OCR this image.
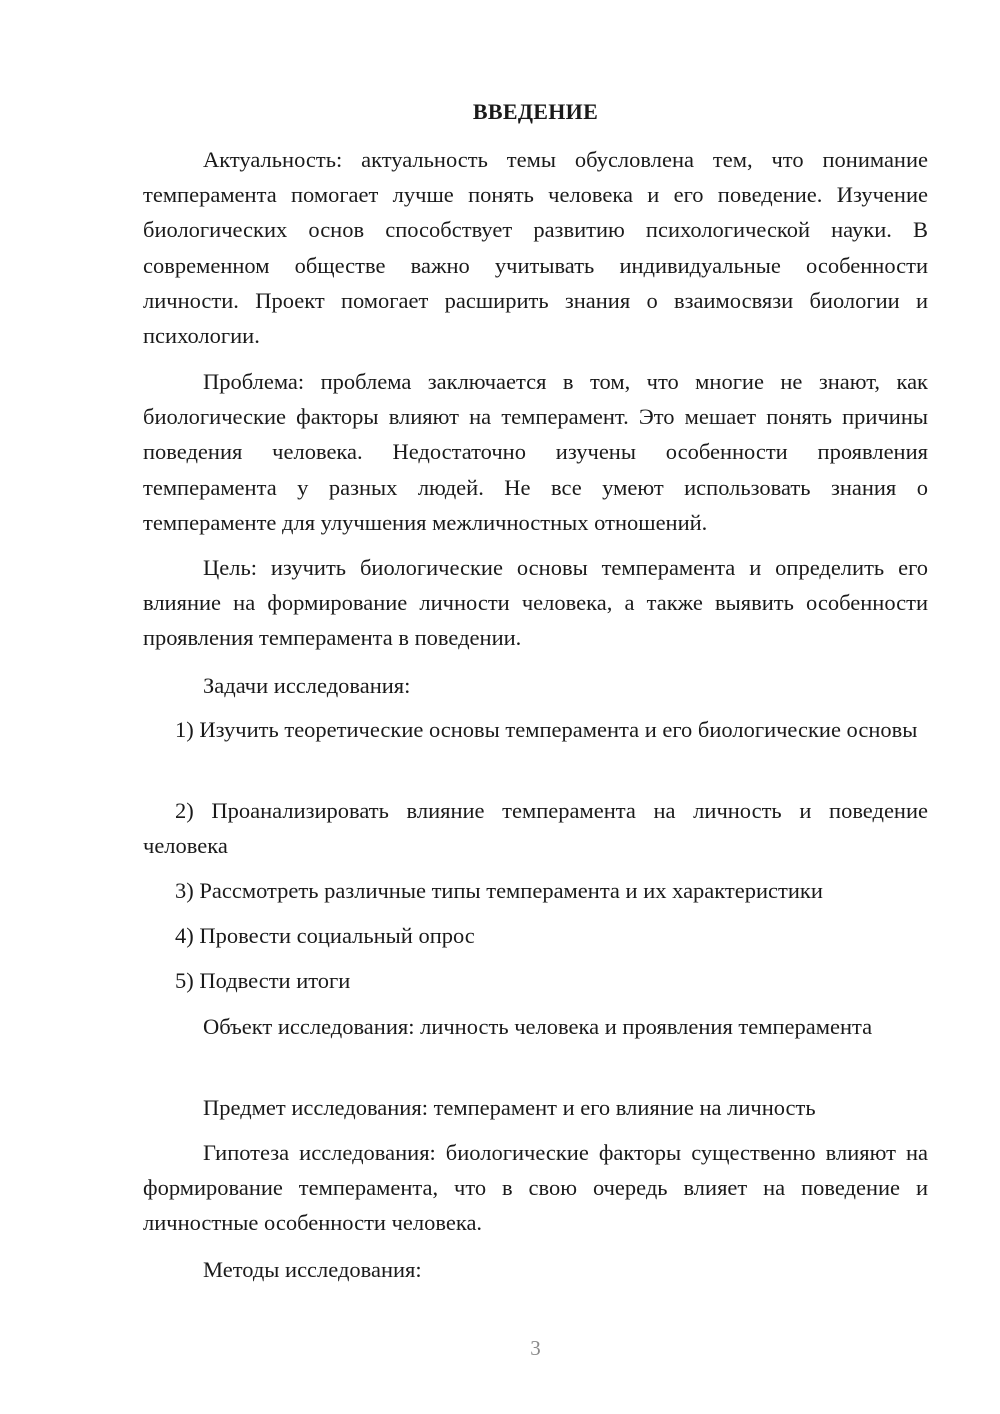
ВВЕДЕНИЕ

Актуальность: актуальность темы обусловлена тем, что понимание темперамента помогает лучше понять человека и его поведение. Изучение биологических основ способствует развитию психологической науки. В современном обществе важно учитывать индивидуальные особенности личности. Проект помогает расширить знания о взаимосвязи биологии и психологии.

Проблема: проблема заключается в том, что многие не знают, как биологические факторы влияют на темперамент. Это мешает понять причины поведения человека. Недостаточно изучены особенности проявления темперамента у разных людей. Не все умеют использовать знания о темпераменте для улучшения межличностных отношений.

Цель: изучить биологические основы темперамента и определить его влияние на формирование личности человека, а также выявить особенности проявления темперамента в поведении.

Задачи исследования:

1) Изучить теоретические основы темперамента и его биологические основы

2) Проанализировать влияние темперамента на личность и поведение человека

3) Рассмотреть различные типы темперамента и их характеристики

4) Провести социальный опрос

5) Подвести итоги

Объект исследования: личность человека и проявления темперамента

Предмет исследования: темперамент и его влияние на личность

Гипотеза исследования: биологические факторы существенно влияют на формирование темперамента, что в свою очередь влияет на поведение и личностные особенности человека.

Методы исследования:

3
